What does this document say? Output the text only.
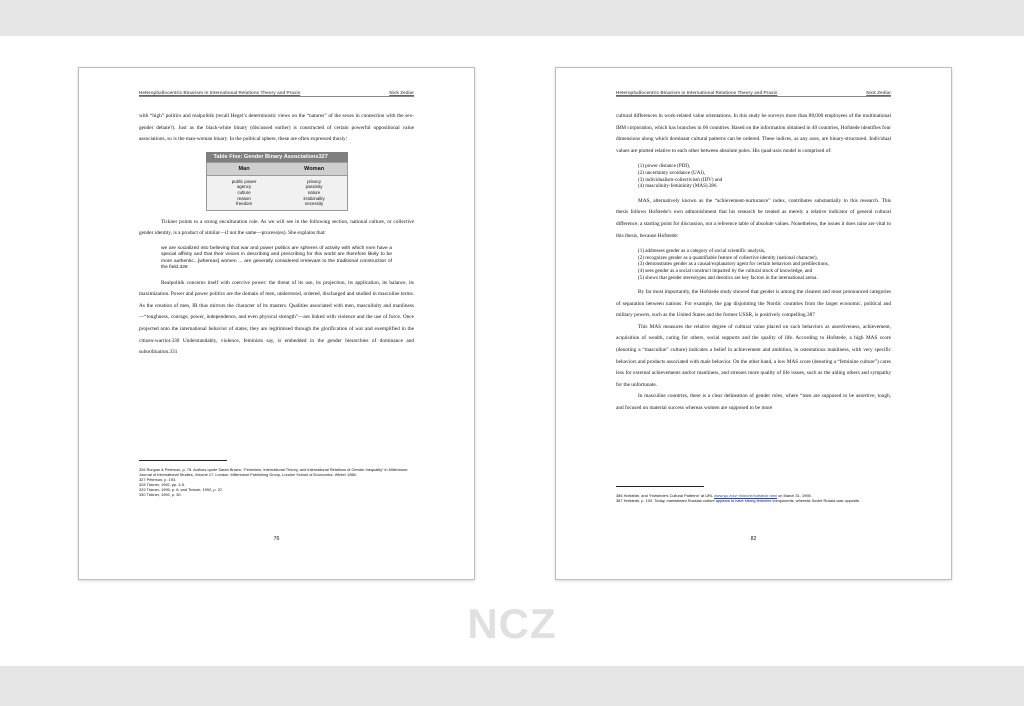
Heterophallocentric Binarism in International Relations Theory and Praxis	Nick Zediar

with “high” politics and realpolitik (recall Hegel’s deterministic views on the “natures” of the sexes in connection with the sex-gender debate?). Just as the black-white binary (discussed earlier) is constructed of certain powerful oppositional value associations, so is the man-woman binary. In the political sphere, these are often expressed thusly:

Table Five: Gender Binary Associations327
Man	Woman
public power	privacy
agency	passivity
culture	nature
reason	irrationality
freedom	necessity

Tickner points to a strong enculturation role. As we will see in the following section, national culture, or collective gender identity, is a product of similar—if not the same—process(es). She explains that:

we are socialized into believing that war and power politics are spheres of activity with which men have a special affinity and that their voices in describing and prescribing for this world are therefore likely to be more authentic...[whereas] women ... are generally considered irrelevant to the traditional construction of the field.328

Realpolitik concerns itself with coercive power: the threat of its use, its projection, its application, its balance, its maximization. Power and power politics are the domain of men, understood, ordered, discharged and studied in masculine terms. As the creation of men, IR thus mirrors the character of its masters. Qualities associated with men, masculinity and manliness—“toughness, courage, power, independence, and even physical strength”—are linked with violence and the use of force. Once projected onto the international behavior of states, they are legitimised through the glorification of war and exemplified in the citizen-warrior.330 Understandably, violence, feminists say, is embedded in the gender hierarchies of dominance and subordination.331

326 Runyan & Peterson, p. 78. Authors quote Sarah Brown, “Feminism, International Theory, and International Relations of Gender Inequality” in Millennium: Journal of International Studies, Volume 17, London: Millennium Publishing Group, London School of Economics, Winter 1988.

327 Peterson, p. 193.

328 Tickner, 1992, pp. 4-5.

329 Tickner, 1995, p. 6; and Tickner, 1992, p. 37.

330 Tickner, 1992, p. 30.

76
Heterophallocentric Binarism in International Relations Theory and Praxis	Nick Zediar

cultural differences in work-related value orientations. In this study he surveys more than 88,000 employees of the multinational IBM corporation, which has branches in 66 countries. Based on the information obtained in 40 countries, Hofstede identifies four dimensions along which dominant cultural patterns can be ordered. These indices, as any axes, are binary-structured. Individual values are plotted relative to each other between absolute poles. His quad-axis model is comprised of:

(1) power distance (PDI),
(2) uncertainty avoidance (UAI),
(3) individualism-collectivism (IDV) and
(4) masculinity-femininity (MAS).386

MAS, alternatively known as the “achievement-nurturance” index, contributes substantially to this research. This thesis follows Hofstede’s own admonishment that his research be treated as merely a relative indicator of general cultural difference, a starting point for discussion, not a reference table of absolute values. Nonetheless, the issues it does raise are vital to this thesis, because Hofstede:

(1) addresses gender as a category of social scientific analysis,
(2) recognizes gender as a quantifiable feature of collective identity (national character),
(3) demonstrates gender as a causal/explanatory agent for certain behaviors and predilections,
(4) sees gender as a social construct imparted by the cultural stock of knowledge, and
(5) shows that gender stereotypes and deontics are key factors in the international arena.

By far most importantly, the Hofstede study showed that gender is among the clearest and most pronounced categories of separation between nations. For example, the gap disjointing the Nordic countries from the larger economic, political and military powers, such as the United States and the former USSR, is positively compelling.387

This MAS measures the relative degree of cultural value placed on such behaviors as assertiveness, achievement, acquisition of wealth, caring for others, social supports and the quality of life. According to Hofstede, a high MAS score (denoting a “masculine” culture) indicates a belief in achievement and ambition, in ostentatious manliness, with very specific behaviors and products associated with male behavior. On the other hand, a low MAS score (denoting a “feminine culture”) cares less for external achievements and/or manliness, and stresses more quality of life issues, such as the aiding others and sympathy for the unfortunate.

In masculine countries, there is a clear delineation of gender roles, where “men are supposed to be assertive, tough, and focused on material success whereas women are supposed to be more

386 Hofstede, and “Hofstede’s Cultural Patterns” at URL www.sju.edu/~ekieche/hofstede.html on March 31, 1998.

387 Hofstede, p. 100. Today, mainstream Russian culture appears to have strong feminine components, whereas Soviet Russia was opposite.

82
NCZ
